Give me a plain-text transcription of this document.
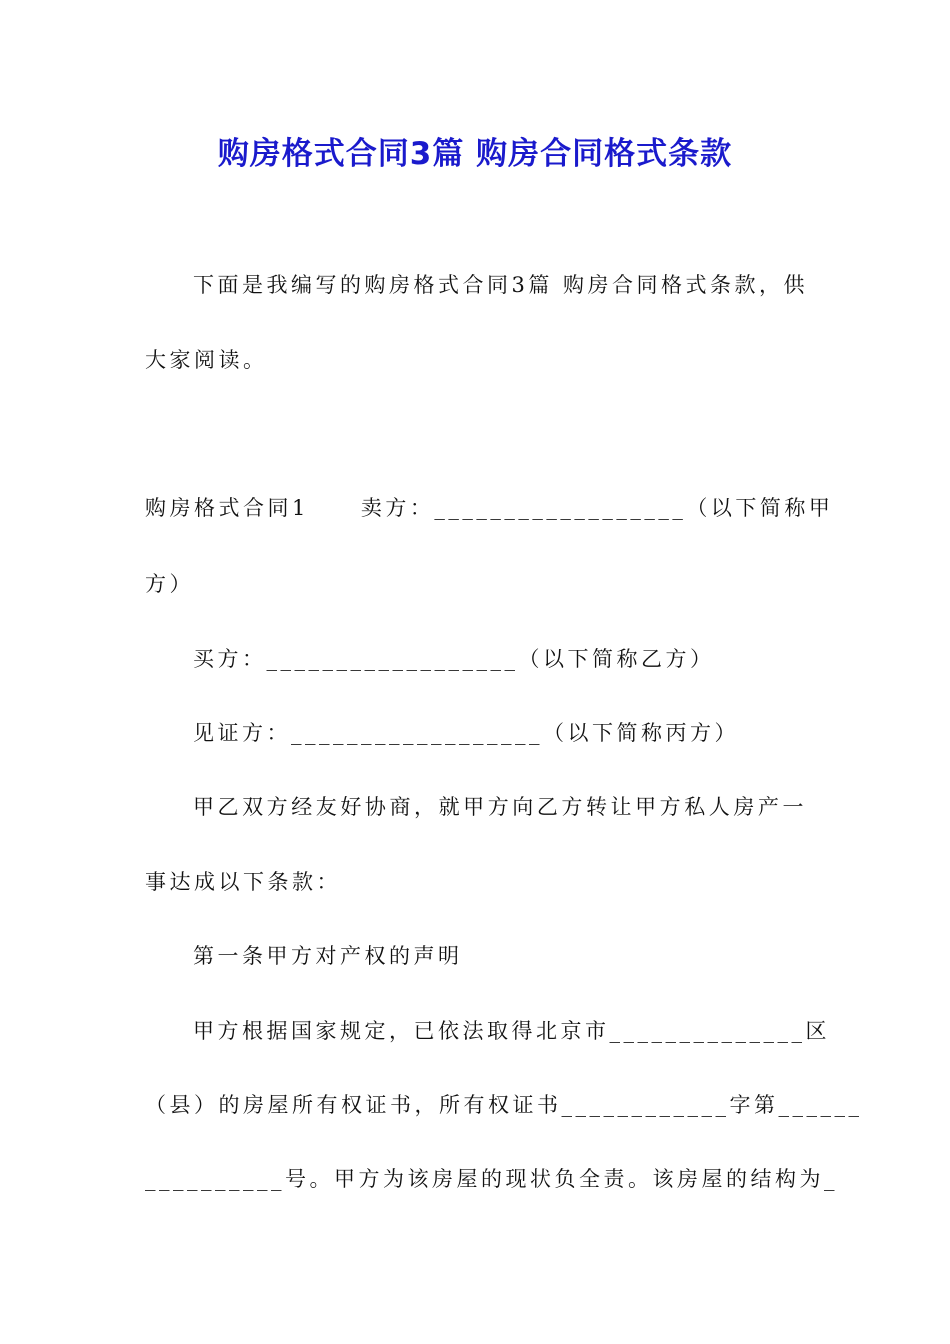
购房格式合同3篇 购房合同格式条款
下面是我编写的购房格式合同3篇 购房合同格式条款，供
大家阅读。
购房格式合同1 卖方：__________________（以下简称甲
方）
买方：__________________（以下简称乙方）
见证方：__________________（以下简称丙方）
甲乙双方经友好协商，就甲方向乙方转让甲方私人房产一
事达成以下条款：
第一条甲方对产权的声明
甲方根据国家规定，已依法取得北京市______________区
（县）的房屋所有权证书，所有权证书____________字第______
__________号。甲方为该房屋的现状负全责。该房屋的结构为_
